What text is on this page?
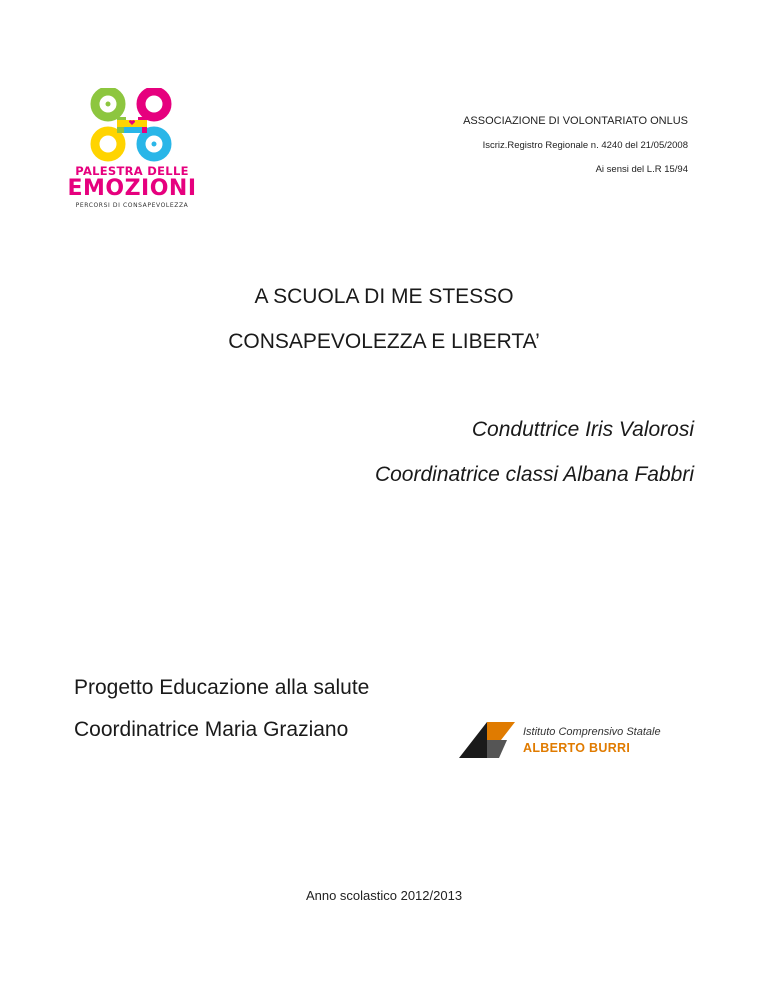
PALESTRA DELLE
EMOZIONI
PERCORSI DI CONSAPEVOLEZZA
ASSOCIAZIONE DI VOLONTARIATO ONLUS
Iscriz.Registro Regionale n. 4240 del 21/05/2008
Ai sensi del L.R 15/94
A SCUOLA DI ME STESSO
CONSAPEVOLEZZA E LIBERTA’
Conduttrice Iris Valorosi
Coordinatrice classi Albana Fabbri
Progetto Educazione alla salute
Coordinatrice Maria Graziano	Istituto Comprensivo Statale
ALBERTO BURRI
Anno scolastico 2012/2013
